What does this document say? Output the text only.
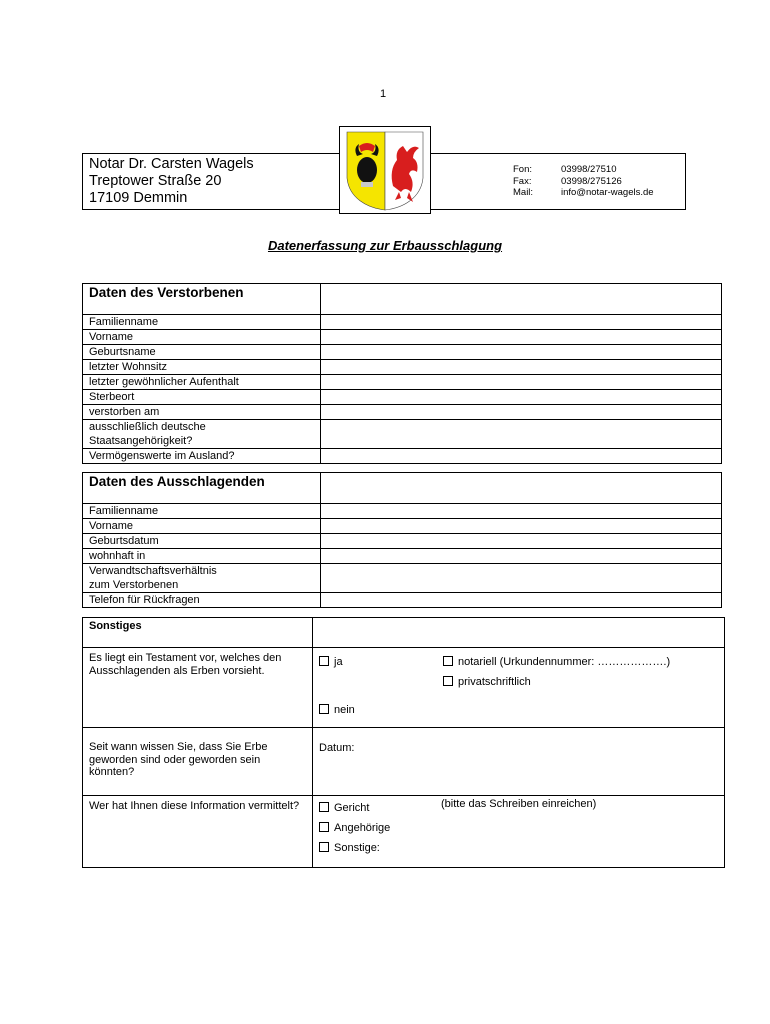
1
Notar Dr. Carsten Wagels
Treptower Straße 20
17109 Demmin
Fon:	03998/27510
Fax:	03998/275126
Mail:	info@notar-wagels.de
Datenerfassung zur Erbausschlagung
Daten des Verstorbenen	
Familienname	
Vorname	
Geburtsname	
letzter Wohnsitz	
letzter gewöhnlicher Aufenthalt	
Sterbeort	
verstorben am	

ausschließlich deutsche
Staatsangehörigkeit?	

Vermögenswerte im Ausland?	
Daten des Ausschlagenden	
Familienname	
Vorname	
Geburtsdatum	
wohnhaft in	

Verwandtschaftsverhältnis
zum Verstorbenen	

Telefon für Rückfragen	
Sonstiges	

Es liegt ein Testament vor, welches den Ausschlagenden als Erben vorsieht.	ja notariell (Urkundennummer: ……………….)
privatschriftlich
nein

Seit wann wissen Sie, dass Sie Erbe geworden sind oder geworden sein könnten?	Datum:

Wer hat Ihnen diese Information vermittelt?	Gericht
Angehörige
Sonstige:
(bitte das Schreiben einreichen)
